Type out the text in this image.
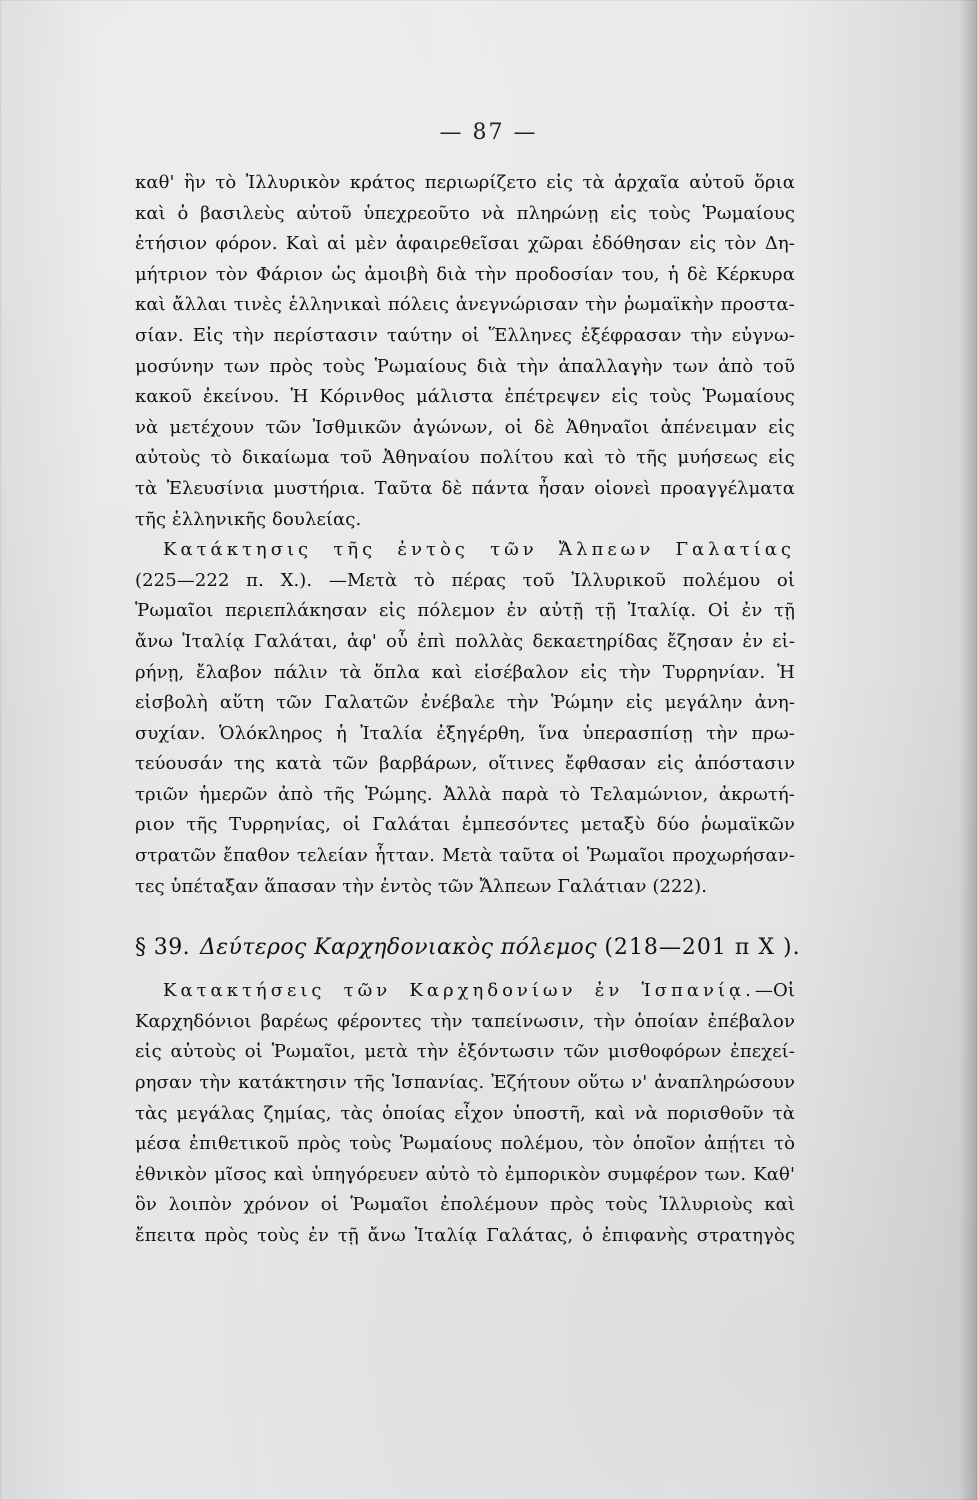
— 87 —
καθ' ἣν τὸ Ἰλλυρικὸν κράτος περιωρίζετο εἰς τὰ ἀρχαῖα αὐτοῦ ὅρια
καὶ ὁ βασιλεὺς αὐτοῦ ὑπεχρεοῦτο νὰ πληρώνῃ εἰς τοὺς Ῥωμαίους
ἐτήσιον φόρον. Καὶ αἱ μὲν ἀφαιρεθεῖσαι χῶραι ἐδόθησαν εἰς τὸν Δη-
μήτριον τὸν Φάριον ὡς ἀμοιβὴ διὰ τὴν προδοσίαν του, ἡ δὲ Κέρκυρα
καὶ ἄλλαι τινὲς ἑλληνικαὶ πόλεις ἀνεγνώρισαν τὴν ῥωμαϊκὴν προστα-
σίαν. Εἰς τὴν περίστασιν ταύτην οἱ Ἕλληνες ἐξέφρασαν τὴν εὐγνω-
μοσύνην των πρὸς τοὺς Ῥωμαίους διὰ τὴν ἀπαλλαγὴν των ἀπὸ τοῦ
κακοῦ ἐκείνου. Ἡ Κόρινθος μάλιστα ἐπέτρεψεν εἰς τοὺς Ῥωμαίους
νὰ μετέχουν τῶν Ἰσθμικῶν ἀγώνων, οἱ δὲ Ἀθηναῖοι ἀπένειμαν εἰς
αὐτοὺς τὸ δικαίωμα τοῦ Ἀθηναίου πολίτου καὶ τὸ τῆς μυήσεως εἰς
τὰ Ἐλευσίνια μυστήρια. Ταῦτα δὲ πάντα ἦσαν οἱονεὶ προαγγέλματα
τῆς ἑλληνικῆς δουλείας.
Κατάκτησις τῆς ἐντὸς τῶν Ἄλπεων Γαλατίας
(225—222 π. Χ.). —Μετὰ τὸ πέρας τοῦ Ἰλλυρικοῦ πολέμου οἱ
Ῥωμαῖοι περιεπλάκησαν εἰς πόλεμον ἐν αὐτῇ τῇ Ἰταλίᾳ. Οἱ ἐν τῇ
ἄνω Ἰταλίᾳ Γαλάται, ἀφ' οὗ ἐπὶ πολλὰς δεκαετηρίδας ἔζησαν ἐν εἰ-
ρήνῃ, ἔλαβον πάλιν τὰ ὅπλα καὶ εἰσέβαλον εἰς τὴν Τυρρηνίαν. Ἡ
εἰσβολὴ αὕτη τῶν Γαλατῶν ἐνέβαλε τὴν Ῥώμην εἰς μεγάλην ἀνη-
συχίαν. Ὁλόκληρος ἡ Ἰταλία ἐξηγέρθη, ἵνα ὑπερασπίσῃ τὴν πρω-
τεύουσάν της κατὰ τῶν βαρβάρων, οἵτινες ἔφθασαν εἰς ἀπόστασιν
τριῶν ἡμερῶν ἀπὸ τῆς Ῥώμης. Ἀλλὰ παρὰ τὸ Τελαμώνιον, ἀκρωτή-
ριον τῆς Τυρρηνίας, οἱ Γαλάται ἐμπεσόντες μεταξὺ δύο ῥωμαϊκῶν
στρατῶν ἔπαθον τελείαν ἧτταν. Μετὰ ταῦτα οἱ Ῥωμαῖοι προχωρήσαν-
τες ὑπέταξαν ἅπασαν τὴν ἐντὸς τῶν Ἄλπεων Γαλάτιαν (222).
§ 39. Δεύτερος Καρχηδονιακὸς πόλεμος (218—201 π Χ ).
Κατακτήσεις τῶν Καρχηδονίων ἐν Ἱσπανίᾳ.—Οἱ
Καρχηδόνιοι βαρέως φέροντες τὴν ταπείνωσιν, τὴν ὁποίαν ἐπέβαλον
εἰς αὐτοὺς οἱ Ῥωμαῖοι, μετὰ τὴν ἐξόντωσιν τῶν μισθοφόρων ἐπεχεί-
ρησαν τὴν κατάκτησιν τῆς Ἱσπανίας. Ἐζήτουν οὕτω ν' ἀναπληρώσουν
τὰς μεγάλας ζημίας, τὰς ὁποίας εἶχον ὑποστῆ, καὶ νὰ πορισθοῦν τὰ
μέσα ἐπιθετικοῦ πρὸς τοὺς Ῥωμαίους πολέμου, τὸν ὁποῖον ἀπῄτει τὸ
ἐθνικὸν μῖσος καὶ ὑπηγόρευεν αὐτὸ τὸ ἐμπορικὸν συμφέρον των. Καθ'
ὃν λοιπὸν χρόνον οἱ Ῥωμαῖοι ἐπολέμουν πρὸς τοὺς Ἰλλυριοὺς καὶ
ἔπειτα πρὸς τοὺς ἐν τῇ ἄνω Ἰταλίᾳ Γαλάτας, ὁ ἐπιφανὴς στρατηγὸς
